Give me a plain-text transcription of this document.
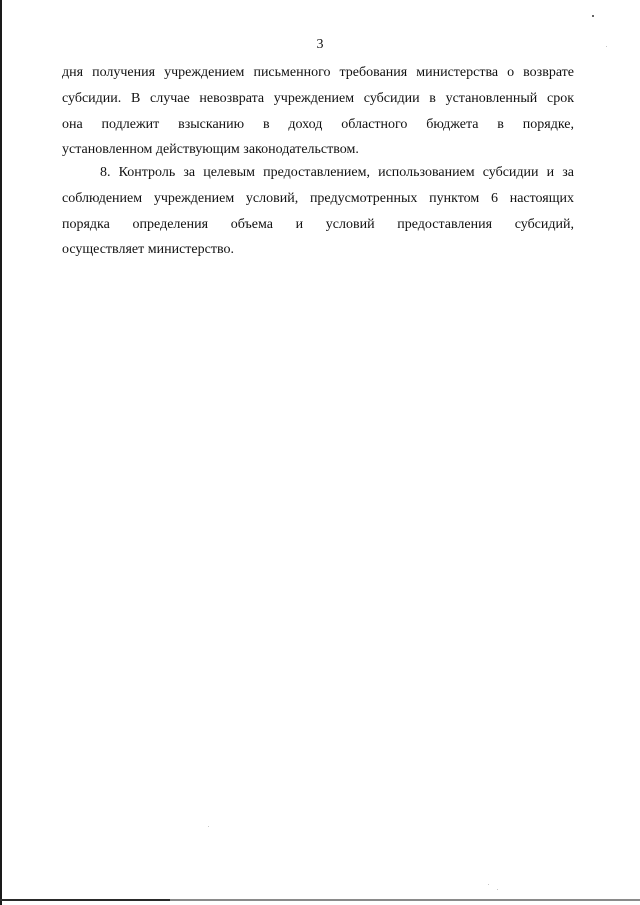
3
дня получения учреждением письменного требования министерства о возврате
субсидии. В случае невозврата учреждением субсидии в установленный срок
она подлежит взысканию в доход областного бюджета в порядке,
установленном действующим законодательством.
8. Контроль за целевым предоставлением, использованием субсидии и за
соблюдением учреждением условий, предусмотренных пунктом 6 настоящих
порядка определения объема и условий предоставления субсидий,
осуществляет министерство.
